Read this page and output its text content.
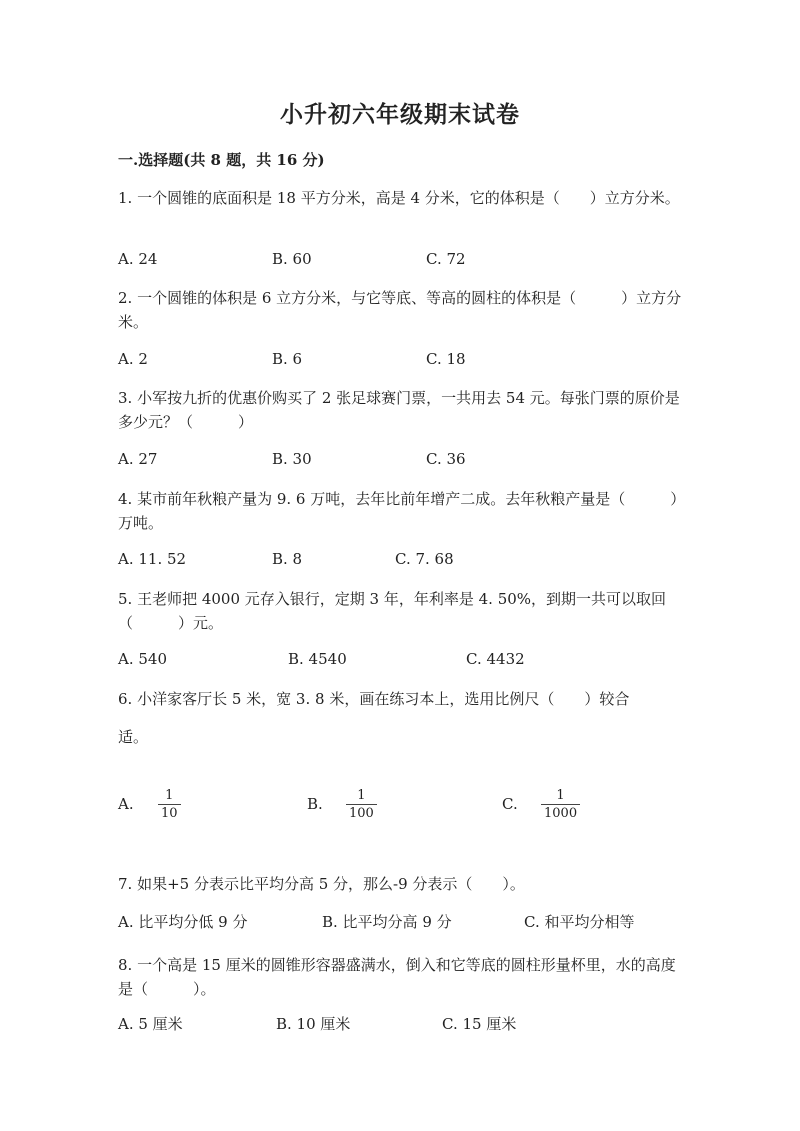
小升初六年级期末试卷
一.选择题(共 8 题，共 16 分)
1. 一个圆锥的底面积是 18 平方分米，高是 4 分米，它的体积是（　　）立方分米。
A. 24	B. 60	C. 72
2. 一个圆锥的体积是 6 立方分米，与它等底、等高的圆柱的体积是（　　　）立方分米。
A. 2	B. 6	C. 18
3. 小军按九折的优惠价购买了 2 张足球赛门票，一共用去 54 元。每张门票的原价是多少元？（　　　）
A. 27	B. 30	C. 36
4. 某市前年秋粮产量为 9. 6 万吨，去年比前年增产二成。去年秋粮产量是（　　　）万吨。
A. 11. 52	B. 8	C. 7. 68
5. 王老师把 4000 元存入银行，定期 3 年，年利率是 4. 50%，到期一共可以取回（　　　）元。
A. 540	B. 4540	C. 4432
6. 小洋家客厅长 5 米，宽 3. 8 米，画在练习本上，选用比例尺（　　）较合
适。
A. 1
10
B.	1
100
C.	1
1000
7. 如果+5 分表示比平均分高 5 分，那么-9 分表示（　　）。
A. 比平均分低 9 分	B. 比平均分高 9 分	C. 和平均分相等
8. 一个高是 15 厘米的圆锥形容器盛满水，倒入和它等底的圆柱形量杯里，水的高度是（　　　）。
A. 5 厘米	B. 10 厘米	C. 15 厘米
